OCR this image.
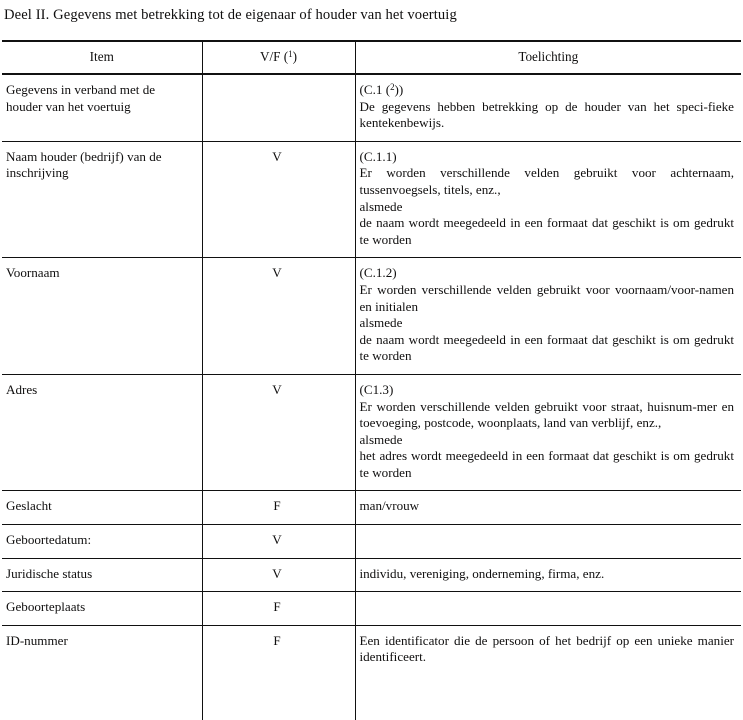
Deel II. Gegevens met betrekking tot de eigenaar of houder van het voertuig
Item	V/F ($^1$)	Toelichting
Gegevens in verband met de houder van het voertuig		(C.1 ($^2$))
De gegevens hebben betrekking op de houder van het speci-fieke kentekenbewijs.

Naam houder (bedrijf) van de inschrijving	V	(C.1.1)
Er worden verschillende velden gebruikt voor achternaam, tussenvoegsels, titels, enz.,
alsmede
de naam wordt meegedeeld in een formaat dat geschikt is om gedrukt te worden

Voornaam	V	(C.1.2)
Er worden verschillende velden gebruikt voor voornaam/voor-namen en initialen
alsmede
de naam wordt meegedeeld in een formaat dat geschikt is om gedrukt te worden

Adres	V	(C1.3)
Er worden verschillende velden gebruikt voor straat, huisnum-mer en toevoeging, postcode, woonplaats, land van verblijf, enz.,
alsmede
het adres wordt meegedeeld in een formaat dat geschikt is om gedrukt te worden

Geslacht	F	man/vrouw

Geboortedatum:	V	
Juridische status	V	individu, vereniging, onderneming, firma, enz.

Geboorteplaats	F	
ID-nummer	F	Een identificator die de persoon of het bedrijf op een unieke manier identificeert.
